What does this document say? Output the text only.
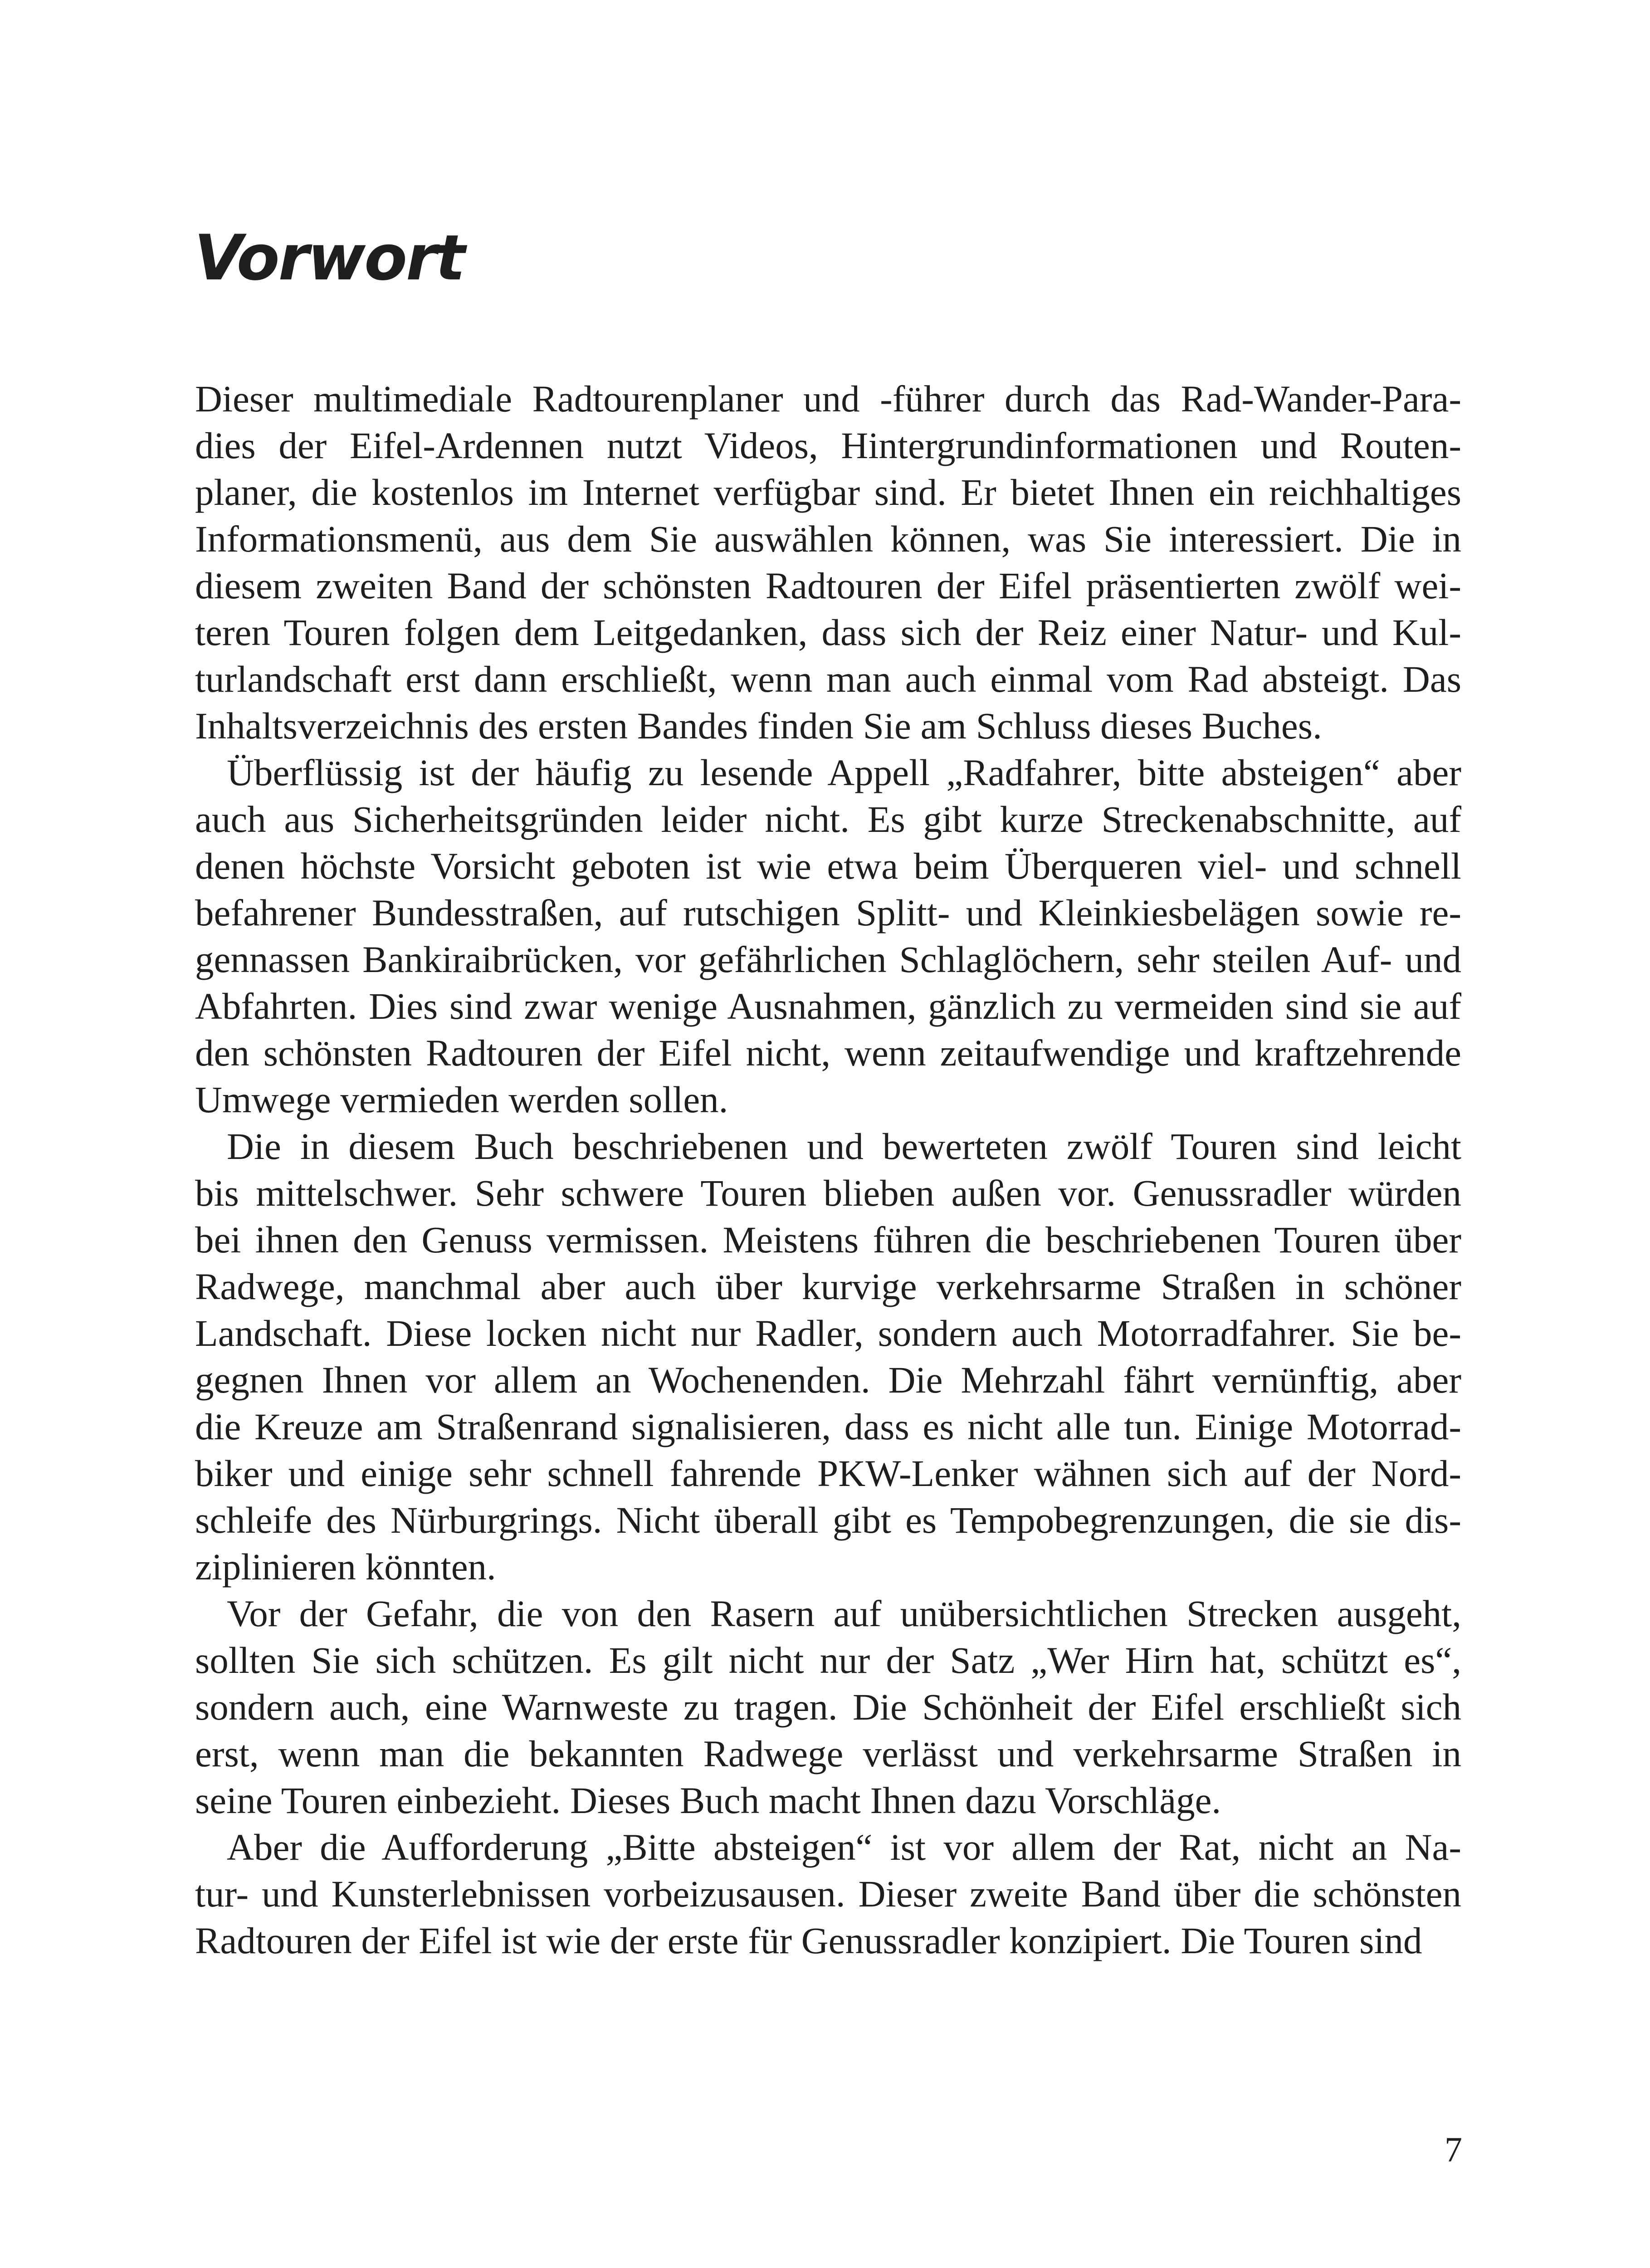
Vorwort
Dieser multimediale Radtourenplaner und -führer durch das Rad-Wander-Para-
dies der Eifel-Ardennen nutzt Videos, Hintergrundinformationen und Routen-
planer, die kostenlos im Internet verfügbar sind. Er bietet Ihnen ein reichhaltiges
Informationsmenü, aus dem Sie auswählen können, was Sie interessiert. Die in
diesem zweiten Band der schönsten Radtouren der Eifel präsentierten zwölf wei-
teren Touren folgen dem Leitgedanken, dass sich der Reiz einer Natur- und Kul-
turlandschaft erst dann erschließt, wenn man auch einmal vom Rad absteigt. Das
Inhaltsverzeichnis des ersten Bandes finden Sie am Schluss dieses Buches.
Überflüssig ist der häufig zu lesende Appell „Radfahrer, bitte absteigen“ aber
auch aus Sicherheitsgründen leider nicht. Es gibt kurze Streckenabschnitte, auf
denen höchste Vorsicht geboten ist wie etwa beim Überqueren viel- und schnell
befahrener Bundesstraßen, auf rutschigen Splitt- und Kleinkiesbelägen sowie re-
gennassen Bankiraibrücken, vor gefährlichen Schlaglöchern, sehr steilen Auf- und
Abfahrten. Dies sind zwar wenige Ausnahmen, gänzlich zu vermeiden sind sie auf
den schönsten Radtouren der Eifel nicht, wenn zeitaufwendige und kraftzehrende
Umwege vermieden werden sollen.
Die in diesem Buch beschriebenen und bewerteten zwölf Touren sind leicht
bis mittelschwer. Sehr schwere Touren blieben außen vor. Genussradler würden
bei ihnen den Genuss vermissen. Meistens führen die beschriebenen Touren über
Radwege, manchmal aber auch über kurvige verkehrsarme Straßen in schöner
Landschaft. Diese locken nicht nur Radler, sondern auch Motorradfahrer. Sie be-
gegnen Ihnen vor allem an Wochenenden. Die Mehrzahl fährt vernünftig, aber
die Kreuze am Straßenrand signalisieren, dass es nicht alle tun. Einige Motorrad-
biker und einige sehr schnell fahrende PKW-Lenker wähnen sich auf der Nord-
schleife des Nürburgrings. Nicht überall gibt es Tempobegrenzungen, die sie dis-
ziplinieren könnten.
Vor der Gefahr, die von den Rasern auf unübersichtlichen Strecken ausgeht,
sollten Sie sich schützen. Es gilt nicht nur der Satz „Wer Hirn hat, schützt es“,
sondern auch, eine Warnweste zu tragen. Die Schönheit der Eifel erschließt sich
erst, wenn man die bekannten Radwege verlässt und verkehrsarme Straßen in
seine Touren einbezieht. Dieses Buch macht Ihnen dazu Vorschläge.
Aber die Aufforderung „Bitte absteigen“ ist vor allem der Rat, nicht an Na-
tur- und Kunsterlebnissen vorbeizusausen. Dieser zweite Band über die schönsten
Radtouren der Eifel ist wie der erste für Genussradler konzipiert. Die Touren sind
7
